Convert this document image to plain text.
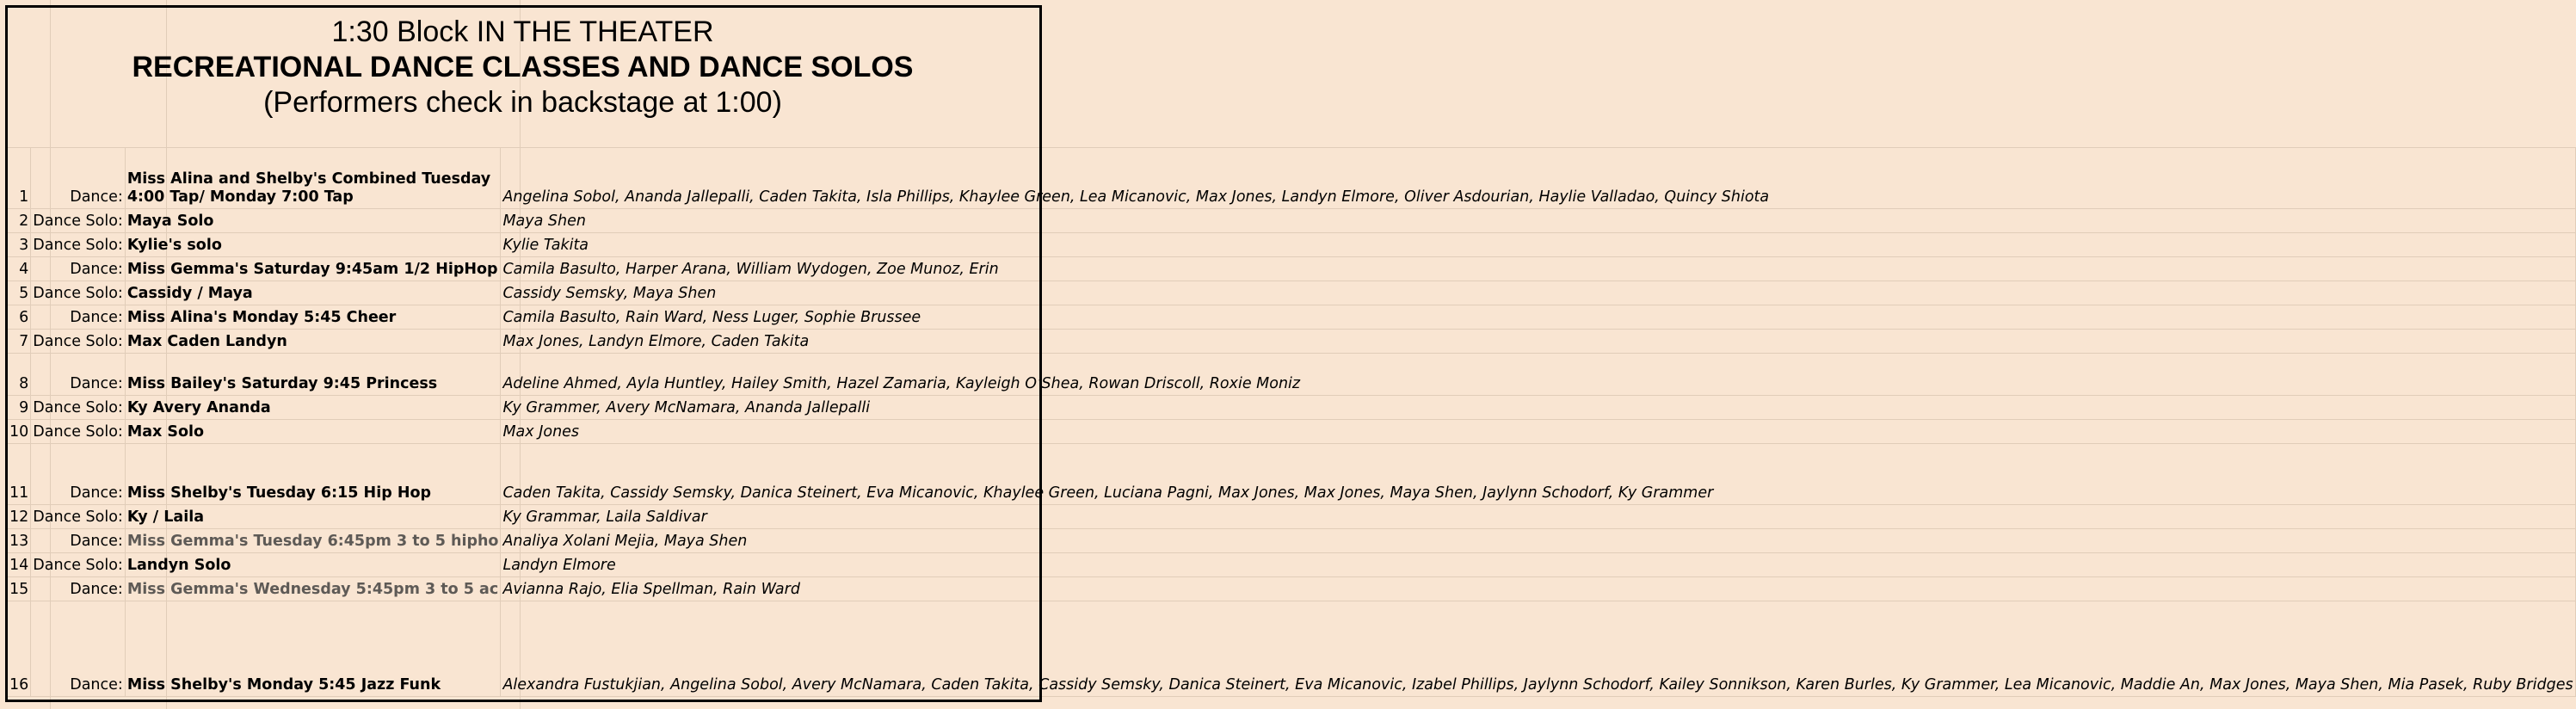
1:30 Block IN THE THEATER
RECREATIONAL DANCE CLASSES AND DANCE SOLOS
(Performers check in backstage at 1:00)
1	Dance:	Miss Alina and Shelby's Combined Tuesday 4:00 Tap/ Monday 7:00 Tap	Angelina Sobol, Ananda Jallepalli, Caden Takita, Isla Phillips, Khaylee Green, Lea Micanovic, Max Jones, Landyn Elmore, Oliver Asdourian, Haylie Valladao, Quincy Shiota
2	Dance Solo:	Maya Solo	Maya Shen
3	Dance Solo:	Kylie's solo	Kylie Takita
4	Dance:	Miss Gemma's Saturday 9:45am 1/2 HipHop	Camila Basulto, Harper Arana, William Wydogen, Zoe Munoz, Erin
5	Dance Solo:	Cassidy / Maya	Cassidy Semsky, Maya Shen
6	Dance:	Miss Alina's Monday 5:45 Cheer	Camila Basulto, Rain Ward, Ness Luger, Sophie Brussee
7	Dance Solo:	Max Caden Landyn	Max Jones, Landyn Elmore, Caden Takita
8	Dance:	Miss Bailey's Saturday 9:45 Princess	Adeline Ahmed, Ayla Huntley, Hailey Smith, Hazel Zamaria, Kayleigh O’Shea, Rowan Driscoll, Roxie Moniz
9	Dance Solo:	Ky Avery Ananda	Ky Grammer, Avery McNamara, Ananda Jallepalli
10	Dance Solo:	Max Solo	Max Jones
11	Dance:	Miss Shelby's Tuesday 6:15 Hip Hop	Caden Takita, Cassidy Semsky, Danica Steinert, Eva Micanovic, Khaylee Green, Luciana Pagni, Max Jones, Max Jones, Maya Shen, Jaylynn Schodorf, Ky Grammer
12	Dance Solo:	Ky / Laila	Ky Grammar, Laila Saldivar
13	Dance:	Miss Gemma's Tuesday 6:45pm 3 to 5 hipho	Analiya Xolani Mejia, Maya Shen
14	Dance Solo:	Landyn Solo	Landyn Elmore
15	Dance:	Miss Gemma's Wednesday 5:45pm 3 to 5 ac	Avianna Rajo, Elia Spellman, Rain Ward
16	Dance:	Miss Shelby's Monday 5:45 Jazz Funk	Alexandra Fustukjian, Angelina Sobol, Avery McNamara, Caden Takita, Cassidy Semsky, Danica Steinert, Eva Micanovic, Izabel Phillips, Jaylynn Schodorf, Kailey Sonnikson, Karen Burles, Ky Grammer, Lea Micanovic, Maddie An, Max Jones, Maya Shen, Mia Pasek, Ruby Bridges
